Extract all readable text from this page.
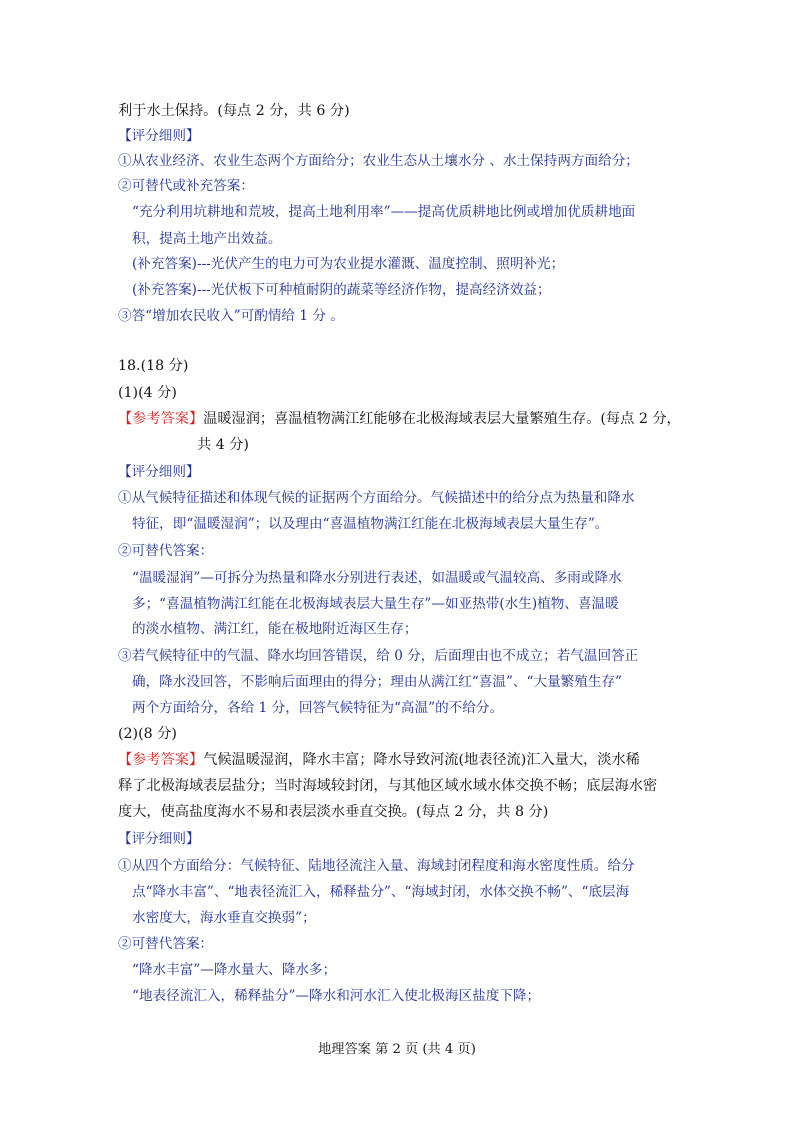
利于水土保持。(每点 2 分，共 6 分)
【评分细则】
①从农业经济、农业生态两个方面给分；农业生态从土壤水分 、水土保持两方面给分；
②可替代或补充答案：
“充分利用坑耕地和荒坡，提高土地利用率”——提高优质耕地比例或增加优质耕地面
积，提高土地产出效益。
(补充答案)---光伏产生的电力可为农业提水灌溉、温度控制、照明补光；
(补充答案)---光伏板下可种植耐阴的蔬菜等经济作物，提高经济效益；
③答“增加农民收入”可酌情给 1 分 。
18.(18 分)
(1)(4 分)
【参考答案】温暖湿润；喜温植物满江红能够在北极海域表层大量繁殖生存。(每点 2 分，
共 4 分)
【评分细则】
①从气候特征描述和体现气候的证据两个方面给分。气候描述中的给分点为热量和降水
特征，即“温暖湿润”；以及理由“喜温植物满江红能在北极海域表层大量生存”。
②可替代答案：
“温暖湿润”—可拆分为热量和降水分别进行表述，如温暖或气温较高、多雨或降水
多；“喜温植物满江红能在北极海域表层大量生存”—如亚热带(水生)植物、喜温暖
的淡水植物、满江红，能在极地附近海区生存；
③若气候特征中的气温、降水均回答错误，给 0 分，后面理由也不成立；若气温回答正
确，降水没回答，不影响后面理由的得分；理由从满江红“喜温”、“大量繁殖生存”
两个方面给分，各给 1 分，回答气候特征为“高温”的不给分。
(2)(8 分)
【参考答案】气候温暖湿润，降水丰富；降水导致河流(地表径流)汇入量大，淡水稀
释了北极海域表层盐分；当时海域较封闭，与其他区域水域水体交换不畅；底层海水密
度大，使高盐度海水不易和表层淡水垂直交换。(每点 2 分，共 8 分)
【评分细则】
①从四个方面给分：气候特征、陆地径流注入量、海域封闭程度和海水密度性质。给分
点“降水丰富”、“地表径流汇入，稀释盐分”、“海域封闭，水体交换不畅”、“底层海
水密度大，海水垂直交换弱”；
②可替代答案：
“降水丰富”—降水量大、降水多；
“地表径流汇入，稀释盐分”—降水和河水汇入使北极海区盐度下降；
地理答案 第 2 页 (共 4 页)
